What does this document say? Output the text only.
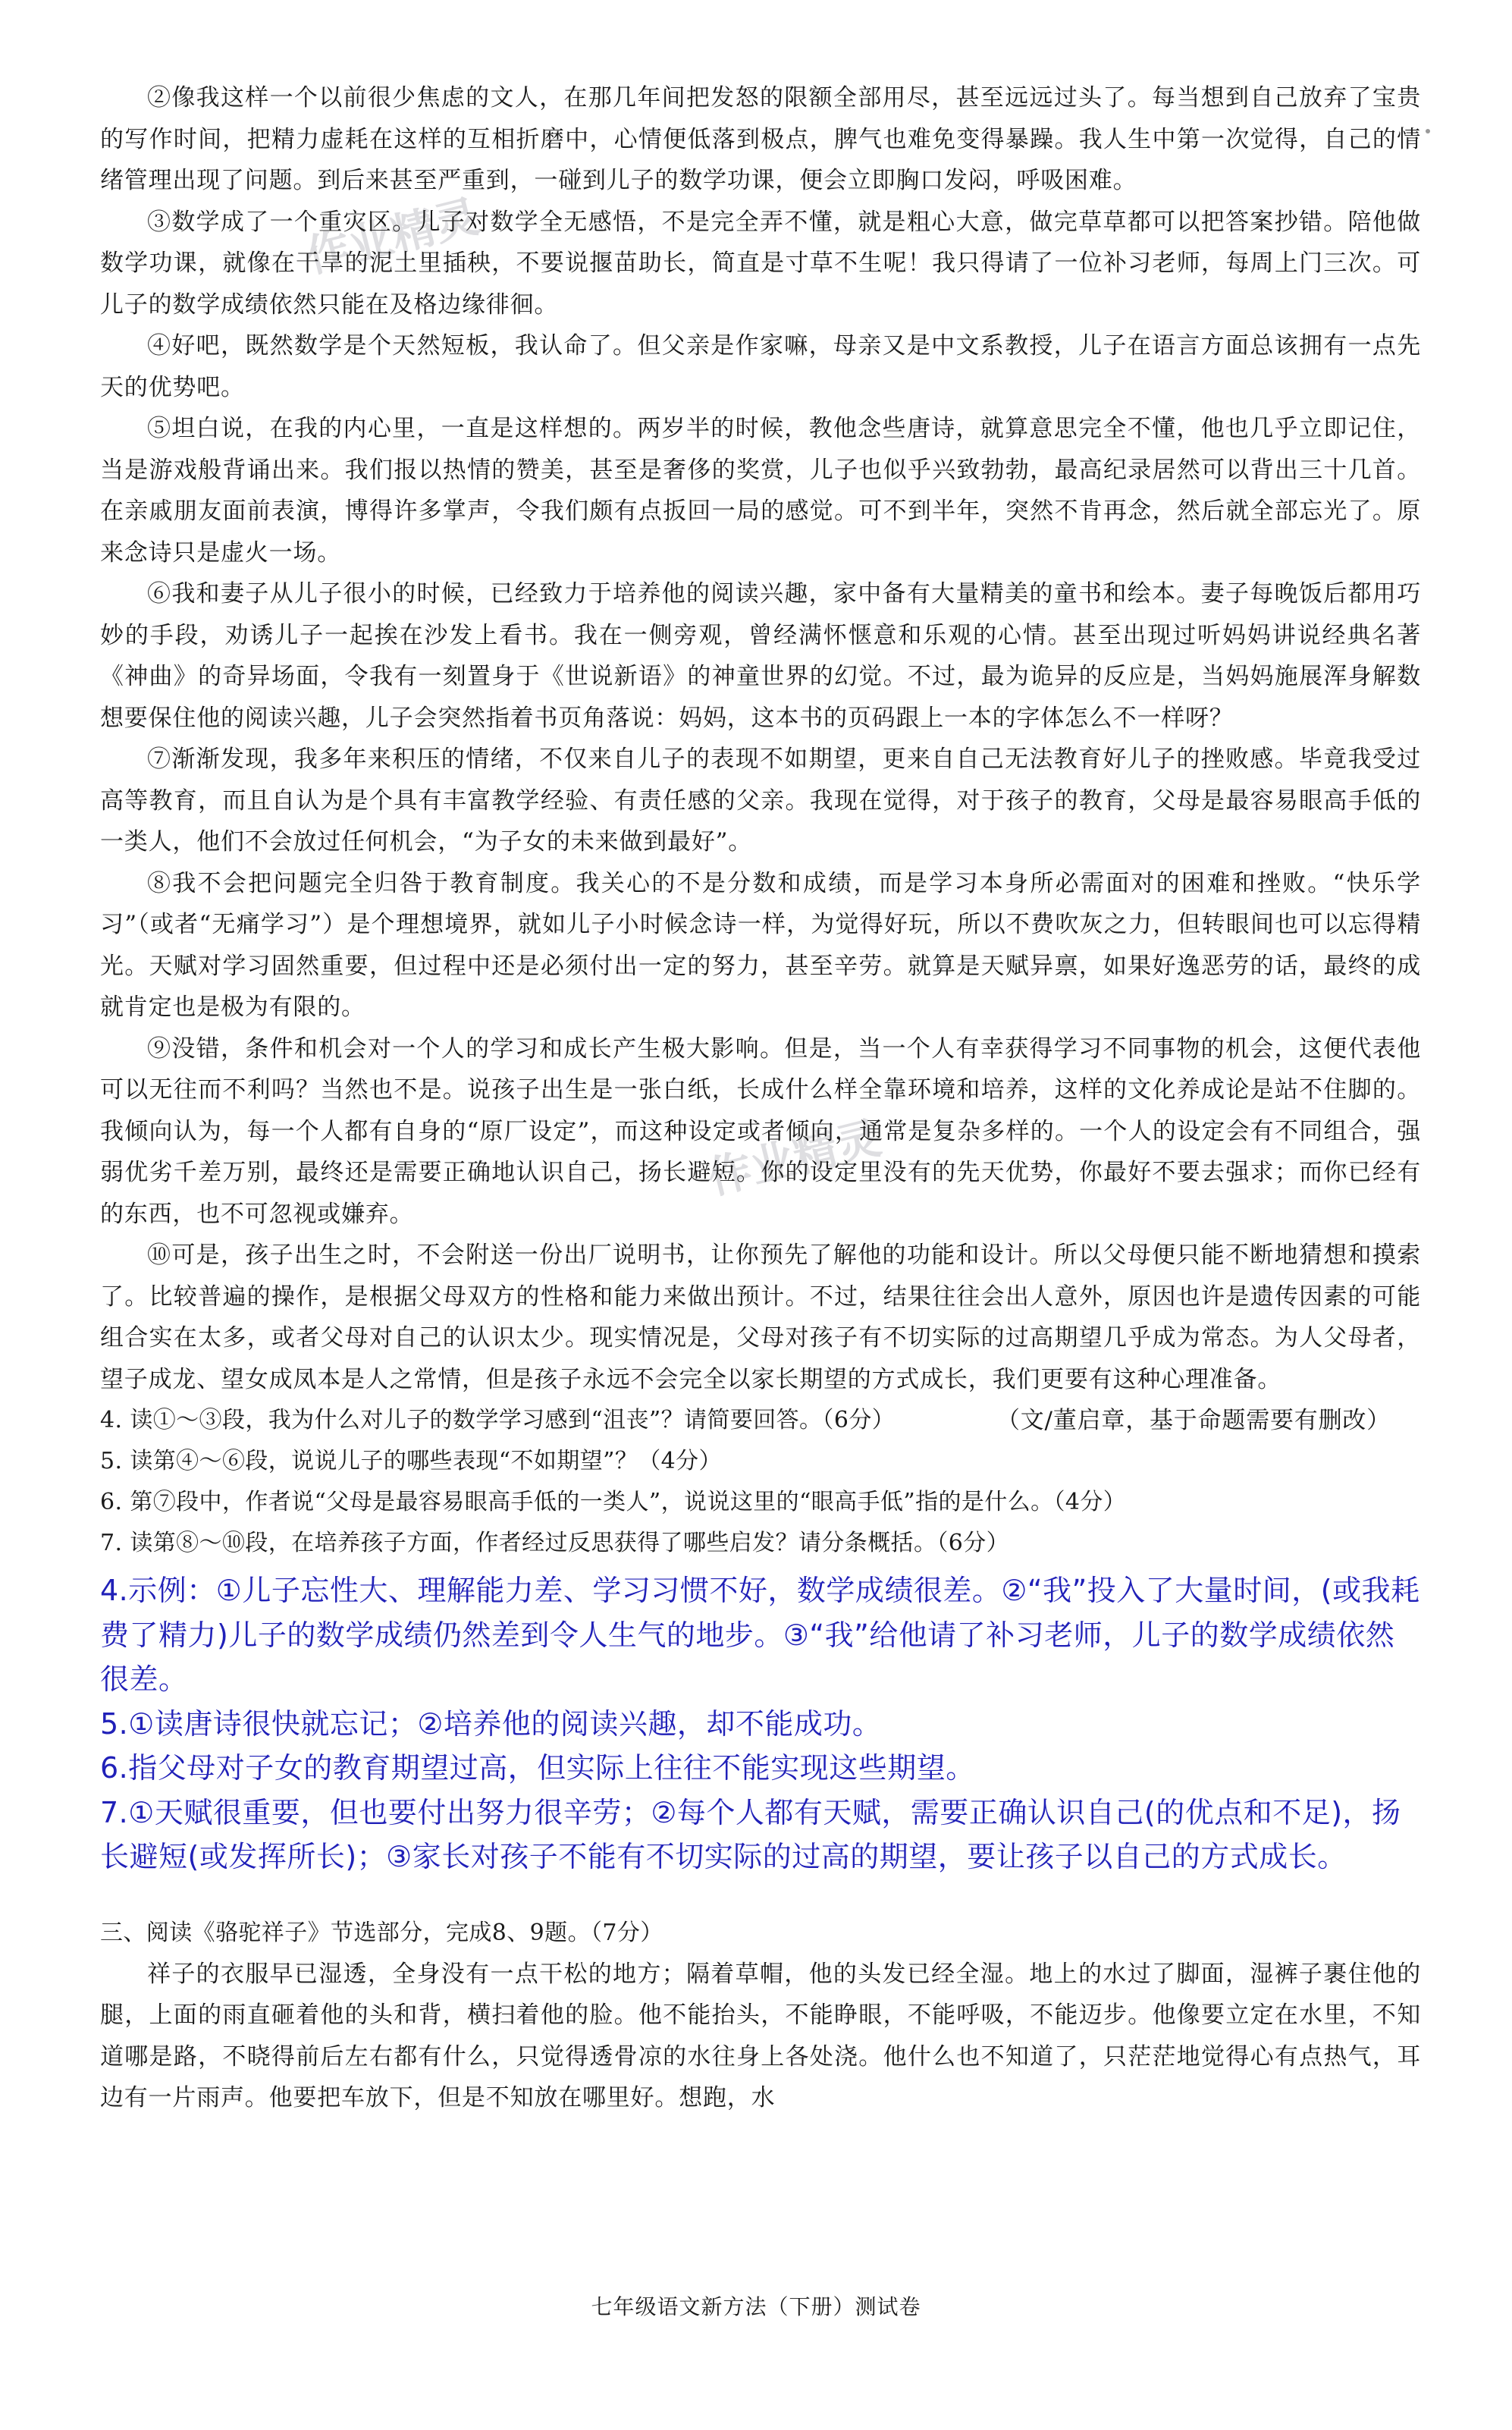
作业精灵
作业精灵

②像我这样一个以前很少焦虑的文人，在那几年间把发怒的限额全部用尽，甚至远远过头了。每当想到自己放弃了宝贵的写作时间，把精力虚耗在这样的互相折磨中，心情便低落到极点，脾气也难免变得暴躁。我人生中第一次觉得，自己的情绪管理出现了问题。到后来甚至严重到，一碰到儿子的数学功课，便会立即胸口发闷，呼吸困难。

③数学成了一个重灾区。儿子对数学全无感悟，不是完全弄不懂，就是粗心大意，做完草草都可以把答案抄错。陪他做数学功课，就像在干旱的泥土里插秧，不要说揠苗助长，简直是寸草不生呢！我只得请了一位补习老师，每周上门三次。可儿子的数学成绩依然只能在及格边缘徘徊。

④好吧，既然数学是个天然短板，我认命了。但父亲是作家嘛，母亲又是中文系教授，儿子在语言方面总该拥有一点先天的优势吧。

⑤坦白说，在我的内心里，一直是这样想的。两岁半的时候，教他念些唐诗，就算意思完全不懂，他也几乎立即记住，当是游戏般背诵出来。我们报以热情的赞美，甚至是奢侈的奖赏，儿子也似乎兴致勃勃，最高纪录居然可以背出三十几首。在亲戚朋友面前表演，博得许多掌声，令我们颇有点扳回一局的感觉。可不到半年，突然不肯再念，然后就全部忘光了。原来念诗只是虚火一场。

⑥我和妻子从儿子很小的时候，已经致力于培养他的阅读兴趣，家中备有大量精美的童书和绘本。妻子每晚饭后都用巧妙的手段，劝诱儿子一起挨在沙发上看书。我在一侧旁观，曾经满怀惬意和乐观的心情。甚至出现过听妈妈讲说经典名著《神曲》的奇异场面，令我有一刻置身于《世说新语》的神童世界的幻觉。不过，最为诡异的反应是，当妈妈施展浑身解数想要保住他的阅读兴趣，儿子会突然指着书页角落说：妈妈，这本书的页码跟上一本的字体怎么不一样呀？

⑦渐渐发现，我多年来积压的情绪，不仅来自儿子的表现不如期望，更来自自己无法教育好儿子的挫败感。毕竟我受过高等教育，而且自认为是个具有丰富教学经验、有责任感的父亲。我现在觉得，对于孩子的教育，父母是最容易眼高手低的一类人，他们不会放过任何机会，“为子女的未来做到最好”。

⑧我不会把问题完全归咎于教育制度。我关心的不是分数和成绩，而是学习本身所必需面对的困难和挫败。“快乐学习”（或者“无痛学习”）是个理想境界，就如儿子小时候念诗一样，为觉得好玩，所以不费吹灰之力，但转眼间也可以忘得精光。天赋对学习固然重要，但过程中还是必须付出一定的努力，甚至辛劳。就算是天赋异禀，如果好逸恶劳的话，最终的成就肯定也是极为有限的。

⑨没错，条件和机会对一个人的学习和成长产生极大影响。但是，当一个人有幸获得学习不同事物的机会，这便代表他可以无往而不利吗？当然也不是。说孩子出生是一张白纸，长成什么样全靠环境和培养，这样的文化养成论是站不住脚的。我倾向认为，每一个人都有自身的“原厂设定”，而这种设定或者倾向，通常是复杂多样的。一个人的设定会有不同组合，强弱优劣千差万别，最终还是需要正确地认识自己，扬长避短。你的设定里没有的先天优势，你最好不要去强求；而你已经有的东西，也不可忽视或嫌弃。

⑩可是，孩子出生之时，不会附送一份出厂说明书，让你预先了解他的功能和设计。所以父母便只能不断地猜想和摸索了。比较普遍的操作，是根据父母双方的性格和能力来做出预计。不过，结果往往会出人意外，原因也许是遗传因素的可能组合实在太多，或者父母对自己的认识太少。现实情况是，父母对孩子有不切实际的过高期望几乎成为常态。为人父母者，望子成龙、望女成凤本是人之常情，但是孩子永远不会完全以家长期望的方式成长，我们更要有这种心理准备。
（文/董启章，基于命题需要有删改）

4. 读①～③段，我为什么对儿子的数学学习感到“沮丧”？请简要回答。（6分）

5. 读第④～⑥段，说说儿子的哪些表现“不如期望”？（4分）

6. 第⑦段中，作者说“父母是最容易眼高手低的一类人”，说说这里的“眼高手低”指的是什么。（4分）

7. 读第⑧～⑩段，在培养孩子方面，作者经过反思获得了哪些启发？请分条概括。（6分）

4.示例：①儿子忘性大、理解能力差、学习习惯不好，数学成绩很差。②“我”投入了大量时间，(或我耗费了精力)儿子的数学成绩仍然差到令人生气的地步。③“我”给他请了补习老师，儿子的数学成绩依然很差。

5.①读唐诗很快就忘记；②培养他的阅读兴趣，却不能成功。

6.指父母对子女的教育期望过高，但实际上往往不能实现这些期望。

7.①天赋很重要，但也要付出努力很辛劳；②每个人都有天赋，需要正确认识自己(的优点和不足)，扬长避短(或发挥所长)；③家长对孩子不能有不切实际的过高的期望，要让孩子以自己的方式成长。

三、阅读《骆驼祥子》节选部分，完成8、9题。（7分）

祥子的衣服早已湿透，全身没有一点干松的地方；隔着草帽，他的头发已经全湿。地上的水过了脚面，湿裤子裹住他的腿，上面的雨直砸着他的头和背，横扫着他的脸。他不能抬头，不能睁眼，不能呼吸，不能迈步。他像要立定在水里，不知道哪是路，不晓得前后左右都有什么，只觉得透骨凉的水往身上各处浇。他什么也不知道了，只茫茫地觉得心有点热气，耳边有一片雨声。他要把车放下，但是不知放在哪里好。想跑，水

七年级语文新方法（下册）测试卷
